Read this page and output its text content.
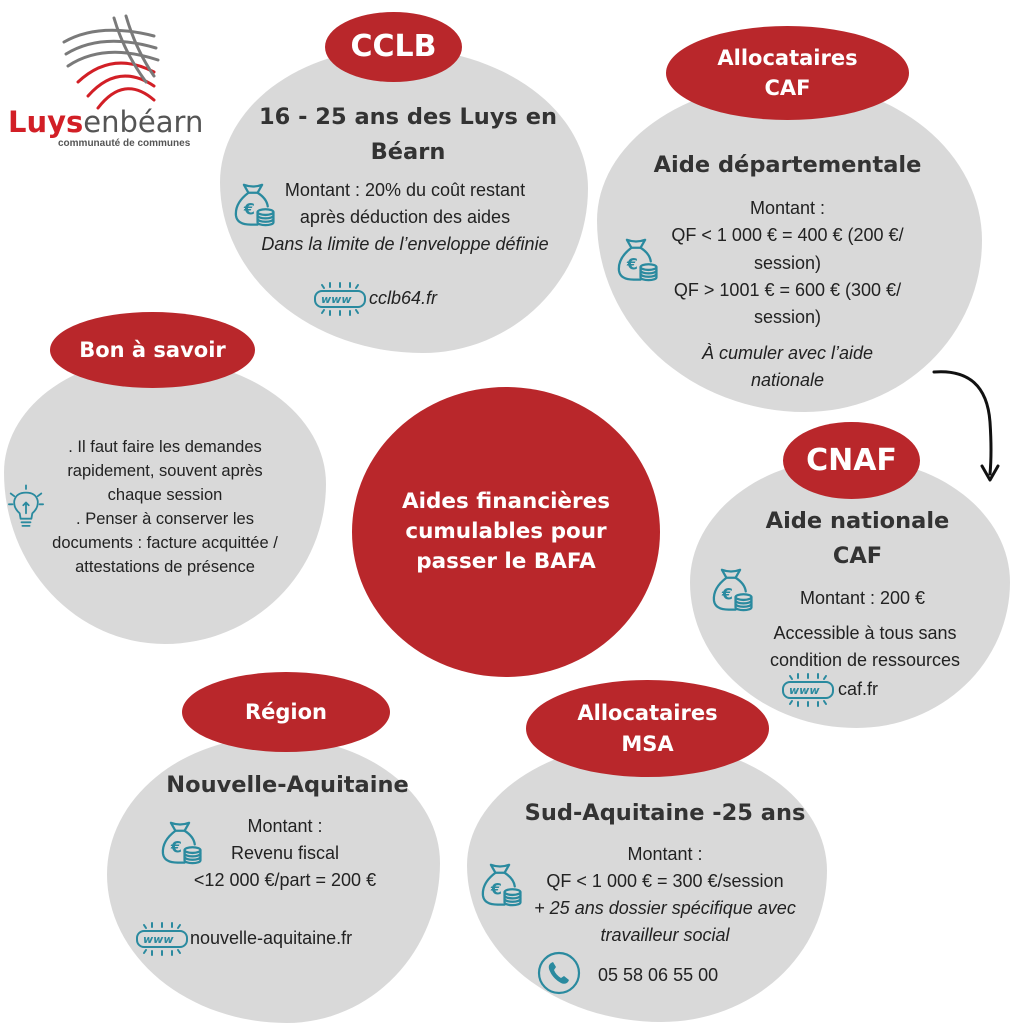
Luysenbéarn
communauté de communes
CCLB
16 - 25 ans des Luys en Béarn
Montant : 20% du coût restant
après déduction des aides
Dans la limite de l’enveloppe définie
cclb64.fr
Allocataires
CAF
Aide départementale
Montant :
QF < 1 000 € = 400 € (200 €/
session)
QF > 1001 € = 600 € (300 €/
session)
À cumuler avec l’aide
nationale
Bon à savoir
. Il faut faire les demandes
rapidement, souvent après
chaque session
. Penser à conserver les
documents : facture acquittée /
attestations de présence
Aides financières cumulables pour passer le BAFA
CNAF
Aide nationale
CAF
Montant : 200 €
Accessible à tous sans
condition de ressources
caf.fr
Région
Nouvelle-Aquitaine
Montant :
Revenu fiscal
<12 000 €/part = 200 €
nouvelle-aquitaine.fr
Allocataires
MSA
Sud-Aquitaine -25 ans
Montant :
QF < 1 000 € = 300 €/session
+ 25 ans dossier spécifique avec
travailleur social
05 58 06 55 00
